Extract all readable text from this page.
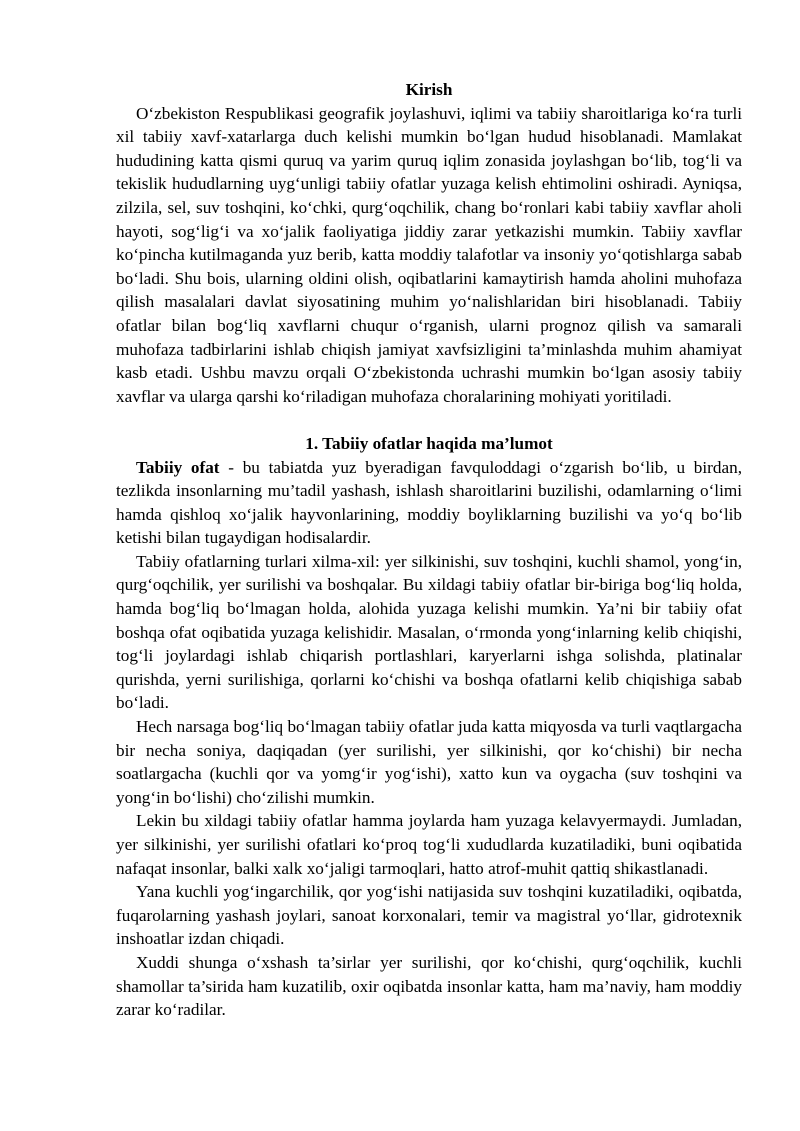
Kirish

O‘zbekiston Respublikasi geografik joylashuvi, iqlimi va tabiiy sharoitlariga ko‘ra turli xil tabiiy xavf-xatarlarga duch kelishi mumkin bo‘lgan hudud hisoblanadi. Mamlakat hududining katta qismi quruq va yarim quruq iqlim zonasida joylashgan bo‘lib, tog‘li va tekislik hududlarning uyg‘unligi tabiiy ofatlar yuzaga kelish ehtimolini oshiradi. Ayniqsa, zilzila, sel, suv toshqini, ko‘chki, qurg‘oqchilik, chang bo‘ronlari kabi tabiiy xavflar aholi hayoti, sog‘lig‘i va xo‘jalik faoliyatiga jiddiy zarar yetkazishi mumkin. Tabiiy xavflar ko‘pincha kutilmaganda yuz berib, katta moddiy talafotlar va insoniy yo‘qotishlarga sabab bo‘ladi. Shu bois, ularning oldini olish, oqibatlarini kamaytirish hamda aholini muhofaza qilish masalalari davlat siyosatining muhim yo‘nalishlaridan biri hisoblanadi. Tabiiy ofatlar bilan bog‘liq xavflarni chuqur o‘rganish, ularni prognoz qilish va samarali muhofaza tadbirlarini ishlab chiqish jamiyat xavfsizligini ta’minlashda muhim ahamiyat kasb etadi. Ushbu mavzu orqali O‘zbekistonda uchrashi mumkin bo‘lgan asosiy tabiiy xavflar va ularga qarshi ko‘riladigan muhofaza choralarining mohiyati yoritiladi.

1. Tabiiy ofatlar haqida ma’lumot

Tabiiy ofat - bu tabiatda yuz byeradigan favquloddagi o‘zgarish bo‘lib, u birdan, tezlikda insonlarning mu’tadil yashash, ishlash sharoitlarini buzilishi, odamlarning o‘limi hamda qishloq xo‘jalik hayvonlarining, moddiy boyliklarning buzilishi va yo‘q bo‘lib ketishi bilan tugaydigan hodisalardir.

Tabiiy ofatlarning turlari xilma-xil: yer silkinishi, suv toshqini, kuchli shamol, yong‘in, qurg‘oqchilik, yer surilishi va boshqalar. Bu xildagi tabiiy ofatlar bir-biriga bog‘liq holda, hamda bog‘liq bo‘lmagan holda, alohida yuzaga kelishi mumkin. Ya’ni bir tabiiy ofat boshqa ofat oqibatida yuzaga kelishidir. Masalan, o‘rmonda yong‘inlarning kelib chiqishi, tog‘li joylardagi ishlab chiqarish portlashlari, karyerlarni ishga solishda, platinalar qurishda, yerni surilishiga, qorlarni ko‘chishi va boshqa ofatlarni kelib chiqishiga sabab bo‘ladi.

Hech narsaga bog‘liq bo‘lmagan tabiiy ofatlar juda katta miqyosda va turli vaqtlargacha bir necha soniya, daqiqadan (yer surilishi, yer silkinishi, qor ko‘chishi) bir necha soatlargacha (kuchli qor va yomg‘ir yog‘ishi), xatto kun va oygacha (suv toshqini va yong‘in bo‘lishi) cho‘zilishi mumkin.

Lekin bu xildagi tabiiy ofatlar hamma joylarda ham yuzaga kelavyermaydi. Jumladan, yer silkinishi, yer surilishi ofatlari ko‘proq tog‘li xududlarda kuzatiladiki, buni oqibatida nafaqat insonlar, balki xalk xo‘jaligi tarmoqlari, hatto atrof-muhit qattiq shikastlanadi.

Yana kuchli yog‘ingarchilik, qor yog‘ishi natijasida suv toshqini kuzatiladiki, oqibatda, fuqarolarning yashash joylari, sanoat korxonalari, temir va magistral yo‘llar, gidrotexnik inshoatlar izdan chiqadi.

Xuddi shunga o‘xshash ta’sirlar yer surilishi, qor ko‘chishi, qurg‘oqchilik, kuchli shamollar ta’sirida ham kuzatilib, oxir oqibatda insonlar katta, ham ma’naviy, ham moddiy zarar ko‘radilar.
